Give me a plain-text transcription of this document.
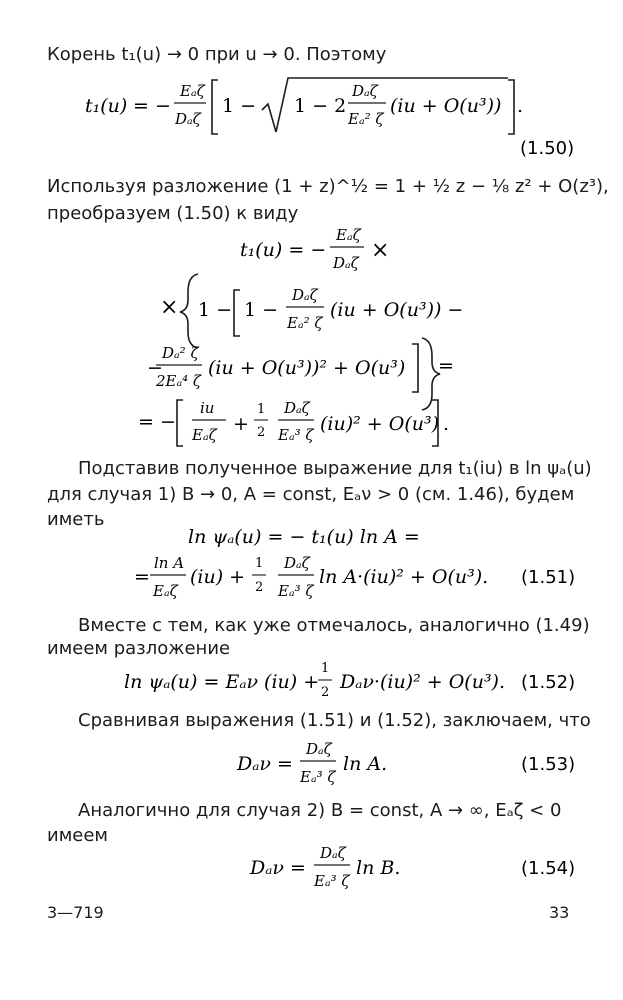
Корень t₁(u) → 0 при u → 0. Поэтому
t₁(u) = −
Eₐζ
Dₐζ
1 − 1 − 2
Dₐζ
Eₐ² ζ
(iu + O(u³)) .
(1.50)
t₁(u) = −
Eₐζ
Dₐζ ×
× 1 − 1 −
Dₐζ
Eₐ² ζ
(iu + O(u³)) −
−
Dₐ² ζ
2Eₐ⁴ ζ
(iu + O(u³))² + O(u³) =
= −
iu
Eₐζ +
1
2
Dₐζ
Eₐ³ ζ (iu)² + O(u³) .
ln ψₐ(u) = − t₁(u) ln A =
=
ln A
Eₐζ
(iu) +
1
2
Dₐζ
Eₐ³ ζ
ln A·(iu)² + O(u³). (1.51)
ln ψₐ(u) = Eₐν (iu) +
1
2 Dₐν·(iu)² + O(u³). (1.52)
Dₐν =
Dₐζ
Eₐ³ ζ
ln A.	(1.53)
Dₐν =
Dₐζ
Eₐ³ ζ
ln B.	(1.54)
Используя разложение (1 + z)^½ = 1 + ½ z − ⅛ z² + O(z³),
преобразуем (1.50) к виду
Подставив полученное выражение для t₁(iu) в ln ψₐ(u)
для случая 1) B → 0, A = const, Eₐν > 0 (см. 1.46), будем
иметь
Вместе с тем, как уже отмечалось, аналогично (1.49)
имеем разложение
Сравнивая выражения (1.51) и (1.52), заключаем, что
Аналогично для случая 2) B = const, A → ∞, Eₐζ < 0
имеем
3—719	33
